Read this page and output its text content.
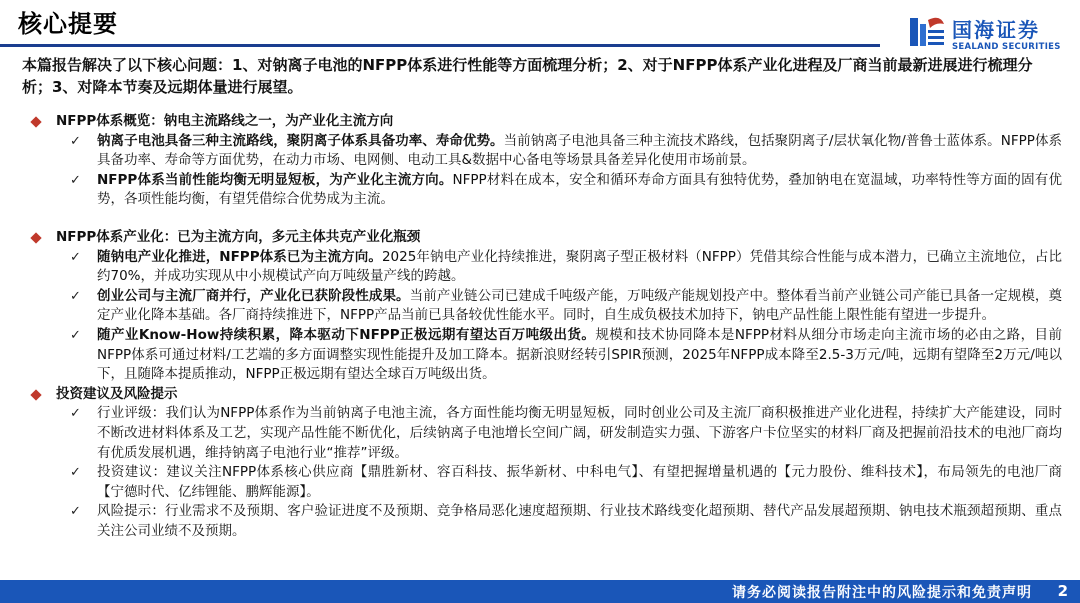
核心提要	国海证券
SEALAND SECURITIES

本篇报告解决了以下核心问题：1、对钠离子电池的NFPP体系进行性能等方面梳理分析；2、对于NFPP体系产业化进程及厂商当前最新进展进行梳理分析；3、对降本节奏及远期体量进行展望。

NFPP体系概览：钠电主流路线之一，为产业化主流方向
✓ 钠离子电池具备三种主流路线，聚阴离子体系具备功率、寿命优势。当前钠离子电池具备三种主流技术路线，包括聚阴离子/层状氧化物/普鲁士蓝体系。NFPP体系具备功率、寿命等方面优势，在动力市场、电网侧、电动工具&数据中心备电等场景具备差异化使用市场前景。
✓ NFPP体系当前性能均衡无明显短板，为产业化主流方向。NFPP材料在成本，安全和循环寿命方面具有独特优势，叠加钠电在宽温域，功率特性等方面的固有优势，各项性能均衡，有望凭借综合优势成为主流。
NFPP体系产业化：已为主流方向，多元主体共克产业化瓶颈
✓ 随钠电产业化推进，NFPP体系已为主流方向。2025年钠电产业化持续推进，聚阴离子型正极材料（NFPP）凭借其综合性能与成本潜力，已确立主流地位，占比约70%，并成功实现从中小规模试产向万吨级量产线的跨越。
✓ 创业公司与主流厂商并行，产业化已获阶段性成果。当前产业链公司已建成千吨级产能，万吨级产能规划投产中。整体看当前产业链公司产能已具备一定规模，奠定产业化降本基础。各厂商持续推进下，NFPP产品当前已具备较优性能水平。同时，自生成负极技术加持下，钠电产品性能上限性能有望进一步提升。
✓ 随产业Know-How持续积累，降本驱动下NFPP正极远期有望达百万吨级出货。规模和技术协同降本是NFPP材料从细分市场走向主流市场的必由之路，目前NFPP体系可通过材料/工艺端的多方面调整实现性能提升及加工降本。据新浪财经转引SPIR预测，2025年NFPP成本降至2.5-3万元/吨，远期有望降至2万元/吨以下，且随降本提质推动，NFPP正极远期有望达全球百万吨级出货。
投资建议及风险提示
✓ 行业评级：我们认为NFPP体系作为当前钠离子电池主流，各方面性能均衡无明显短板，同时创业公司及主流厂商积极推进产业化进程，持续扩大产能建设，同时不断改进材料体系及工艺，实现产品性能不断优化，后续钠离子电池增长空间广阔，研发制造实力强、下游客户卡位坚实的材料厂商及把握前沿技术的电池厂商均有优质发展机遇，维持钠离子电池行业“推荐”评级。
✓ 投资建议：建议关注NFPP体系核心供应商【鼎胜新材、容百科技、振华新材、中科电气】、有望把握增量机遇的【元力股份、维科技术】，布局领先的电池厂商【宁德时代、亿纬锂能、鹏辉能源】。
✓ 风险提示：行业需求不及预期、客户验证进度不及预期、竞争格局恶化速度超预期、行业技术路线变化超预期、替代产品发展超预期、钠电技术瓶颈超预期、重点关注公司业绩不及预期。
请务必阅读报告附注中的风险提示和免责声明 2
